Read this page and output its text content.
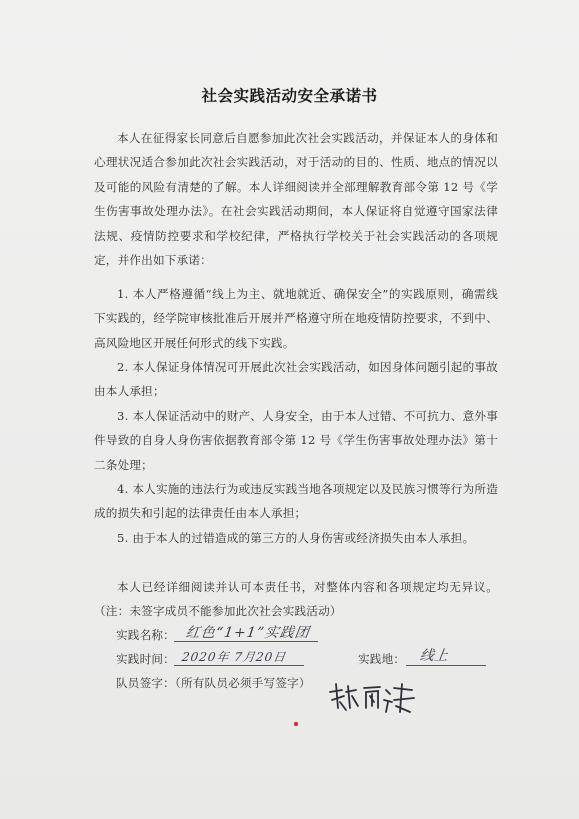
社会实践活动安全承诺书
本人在征得家长同意后自愿参加此次社会实践活动，并保证本人的身体和心理状况适合参加此次社会实践活动，对于活动的目的、性质、地点的情况以及可能的风险有清楚的了解。本人详细阅读并全部理解教育部令第 12 号《学生伤害事故处理办法》。在社会实践活动期间，本人保证将自觉遵守国家法律法规、疫情防控要求和学校纪律，严格执行学校关于社会实践活动的各项规定，并作出如下承诺：
1. 本人严格遵循“线上为主、就地就近、确保安全”的实践原则，确需线下实践的，经学院审核批准后开展并严格遵守所在地疫情防控要求，不到中、高风险地区开展任何形式的线下实践。
2. 本人保证身体情况可开展此次社会实践活动，如因身体问题引起的事故由本人承担；
3. 本人保证活动中的财产、人身安全，由于本人过错、不可抗力、意外事件导致的自身人身伤害依据教育部令第 12 号《学生伤害事故处理办法》第十二条处理；
4. 本人实施的违法行为或违反实践当地各项规定以及民族习惯等行为所造成的损失和引起的法律责任由本人承担；
5. 由于本人的过错造成的第三方的人身伤害或经济损失由本人承担。
本人已经详细阅读并认可本责任书，对整体内容和各项规定均无异议。（注：未签字成员不能参加此次社会实践活动）
实践名称： 红色“1+1”实践团
实践时间： 2020年 7月20日	实践地： 线上
队员签字：（所有队员必须手写签字）
